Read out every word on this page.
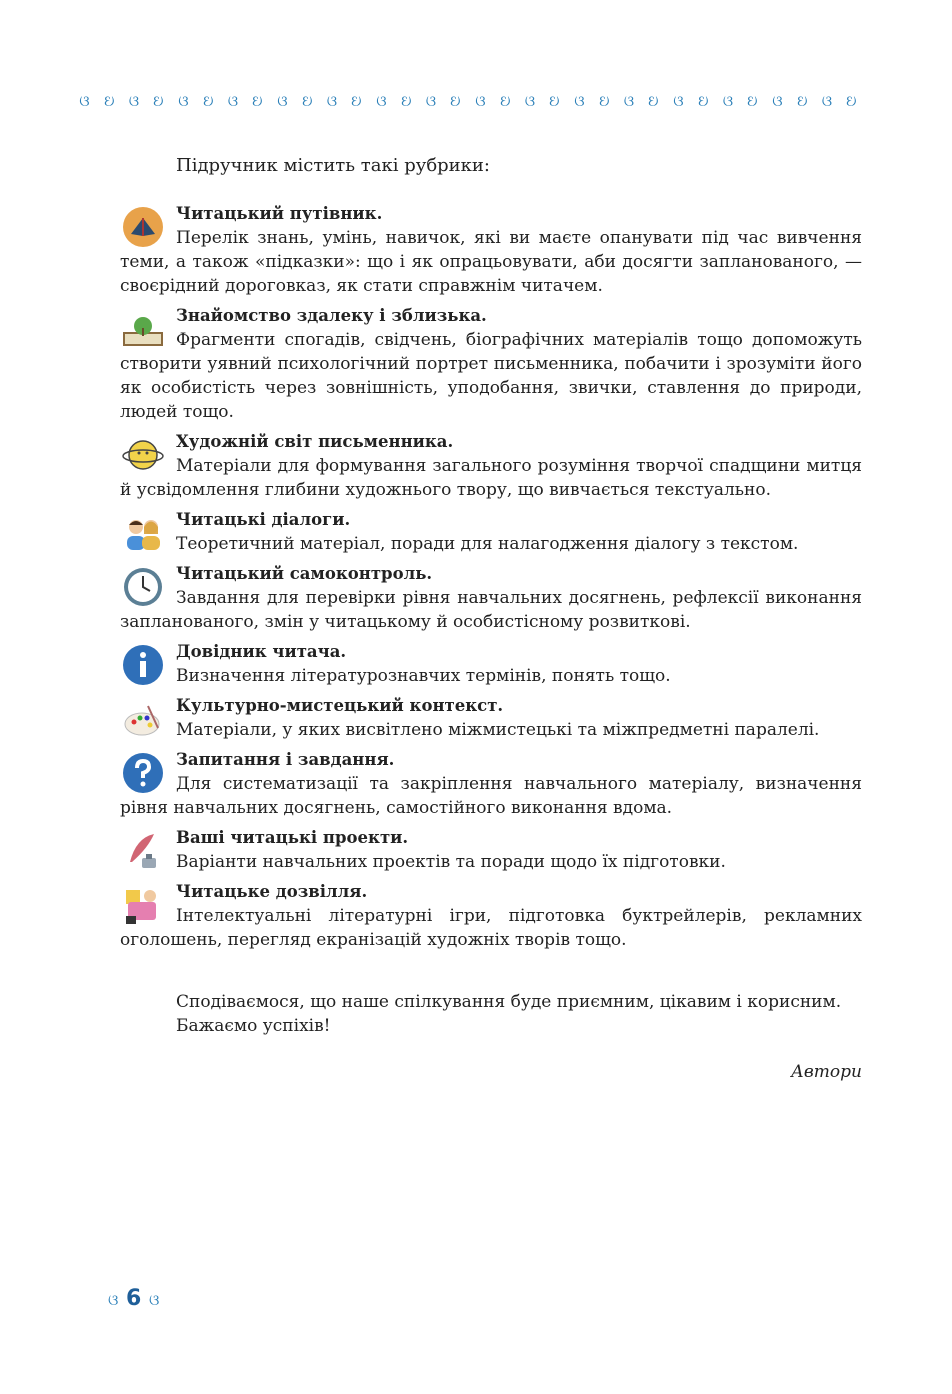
ଓ ଓ ଓ ଓ ଓ ଓ ଓ ଓ ଓ ଓ ଓ ଓ ଓ ଓ ଓ ଓ ଓ ଓ ଓ ଓ ଓ ଓ ଓ ଓ ଓ ଓ ଓ ଓ ଓ ଓ ଓ ଓ
Підручник містить такі рубрики:
Читацький путівник.
Перелік знань, умінь, навичок, які ви маєте опанувати під час вивчення теми, а також «підказки»: що і як опрацьовувати, аби досягти запланованого, — своєрідний дороговказ, як стати справжнім читачем.
Знайомство здалеку і зблизька.
Фрагменти спогадів, свідчень, біографічних матеріалів тощо допоможуть створити уявний психологічний портрет письменника, побачити і зрозуміти його як особистість через зовнішність, уподобання, звички, ставлення до природи, людей тощо.
Художній світ письменника.
Матеріали для формування загального розуміння творчої спадщини митця й усвідомлення глибини художнього твору, що вивчається текстуально.
Читацькі діалоги.
Теоретичний матеріал, поради для налагодження діалогу з текстом.
Читацький самоконтроль.
Завдання для перевірки рівня навчальних досягнень, рефлексії виконання запланованого, змін у читацькому й особистісному розвиткові.
Довідник читача.
Визначення літературознавчих термінів, понять тощо.
Культурно-мистецький контекст.
Матеріали, у яких висвітлено міжмистецькі та міжпредметні паралелі.
Запитання і завдання.
Для систематизації та закріплення навчального матеріалу, визначення рівня навчальних досягнень, самостійного виконання вдома.
Ваші читацькі проекти.
Варіанти навчальних проектів та поради щодо їх підготовки.
Читацьке дозвілля.
Інтелектуальні літературні ігри, підготовка буктрейлерів, рекламних оголошень, перегляд екранізацій художніх творів тощо.

Сподіваємося, що наше спілкування буде приємним, цікавим і корисним.

Бажаємо успіхів!

Автори
ଓ 6 ଓ
